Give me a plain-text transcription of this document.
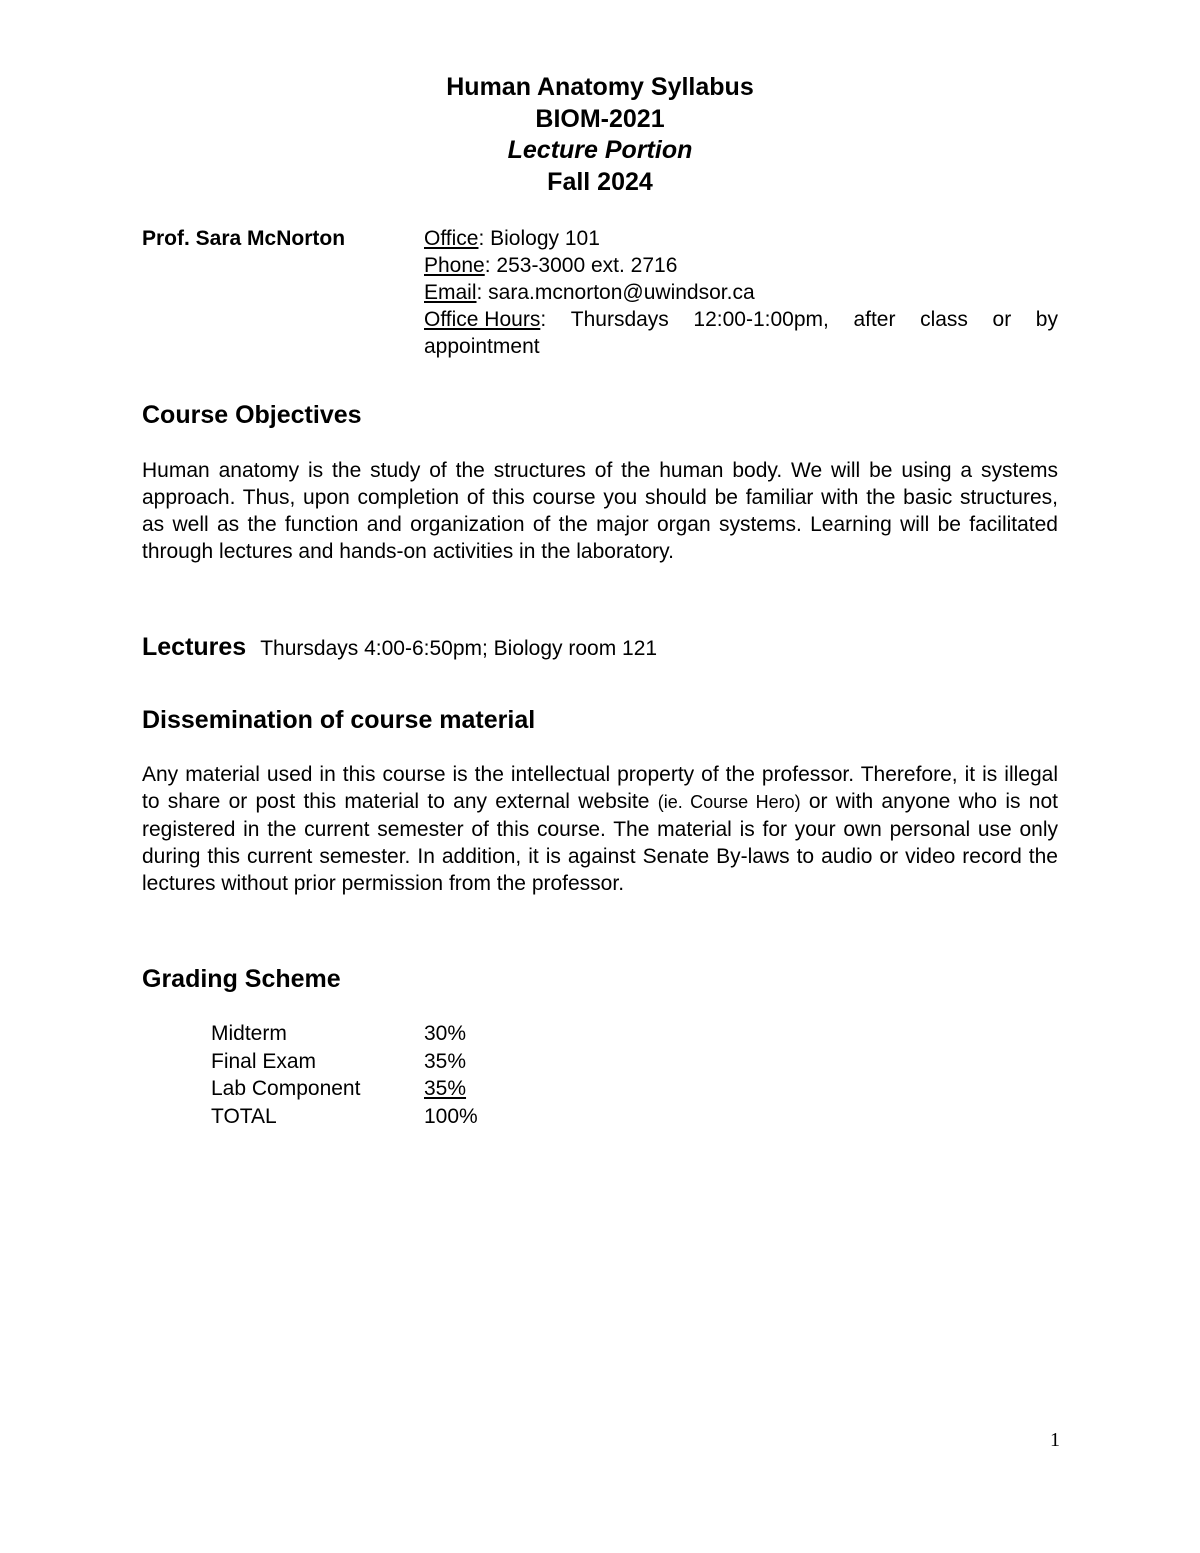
Human Anatomy Syllabus
BIOM-2021
Lecture Portion
Fall 2024
Prof. Sara McNorton	Office: Biology 101
Phone: 253-3000 ext. 2716
Email: sara.mcnorton@uwindsor.ca
Office Hours: Thursdays 12:00-1:00pm, after class or by
appointment
Course Objectives

Human anatomy is the study of the structures of the human body. We will be using a systems approach. Thus, upon completion of this course you should be familiar with the basic structures, as well as the function and organization of the major organ systems. Learning will be facilitated through lectures and hands-on activities in the laboratory.

Lectures Thursdays 4:00-6:50pm; Biology room 121
Dissemination of course material

Any material used in this course is the intellectual property of the professor. Therefore, it is illegal to share or post this material to any external website (ie. Course Hero) or with anyone who is not registered in the current semester of this course. The material is for your own personal use only during this current semester. In addition, it is against Senate By-laws to audio or video record the lectures without prior permission from the professor.

Grading Scheme
Midterm	30%
Final Exam	35%
Lab Component	35%
TOTAL	100%
1
